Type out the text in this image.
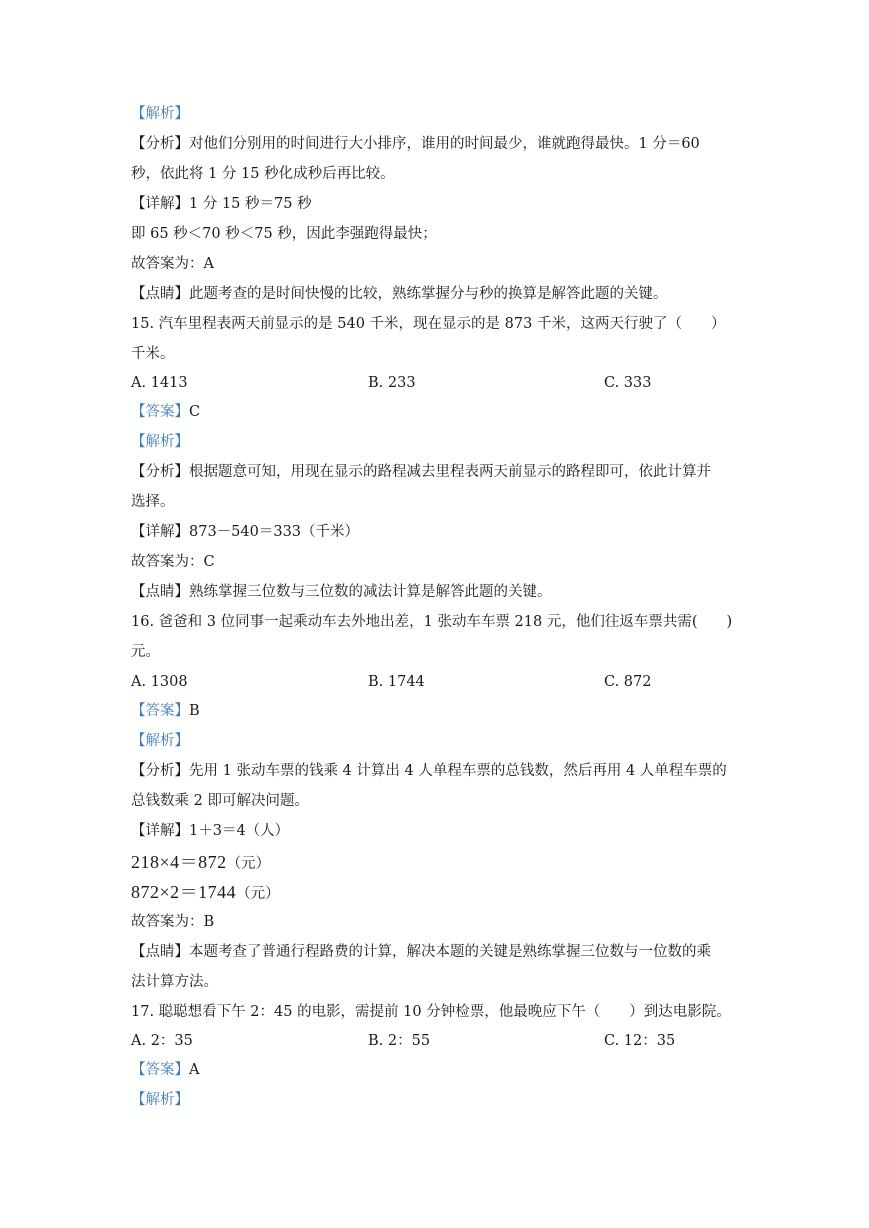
【解析】
【分析】对他们分别用的时间进行大小排序，谁用的时间最少，谁就跑得最快。1 分＝60
秒，依此将 1 分 15 秒化成秒后再比较。
【详解】1 分 15 秒＝75 秒
即 65 秒＜70 秒＜75 秒，因此李强跑得最快；
故答案为：A
【点睛】此题考查的是时间快慢的比较，熟练掌握分与秒的换算是解答此题的关键。
15. 汽车里程表两天前显示的是 540 千米，现在显示的是 873 千米，这两天行驶了（　　）
千米。
A. 1413	B. 233	C. 333
【答案】C
【解析】
【分析】根据题意可知，用现在显示的路程减去里程表两天前显示的路程即可，依此计算并
选择。
【详解】873－540＝333（千米）
故答案为：C
【点睛】熟练掌握三位数与三位数的减法计算是解答此题的关键。
16. 爸爸和 3 位同事一起乘动车去外地出差，1 张动车车票 218 元，他们往返车票共需(　　)
元。
A. 1308	B. 1744	C. 872
【答案】B
【解析】
【分析】先用 1 张动车票的钱乘 4 计算出 4 人单程车票的总钱数，然后再用 4 人单程车票的
总钱数乘 2 即可解决问题。
【详解】1＋3＝4（人）
218×4＝872（元）
872×2＝1744（元）
故答案为：B
【点睛】本题考查了普通行程路费的计算，解决本题的关键是熟练掌握三位数与一位数的乘
法计算方法。
17. 聪聪想看下午 2：45 的电影，需提前 10 分钟检票，他最晚应下午（　　）到达电影院。
A. 2：35	B. 2：55	C. 12：35
【答案】A
【解析】
